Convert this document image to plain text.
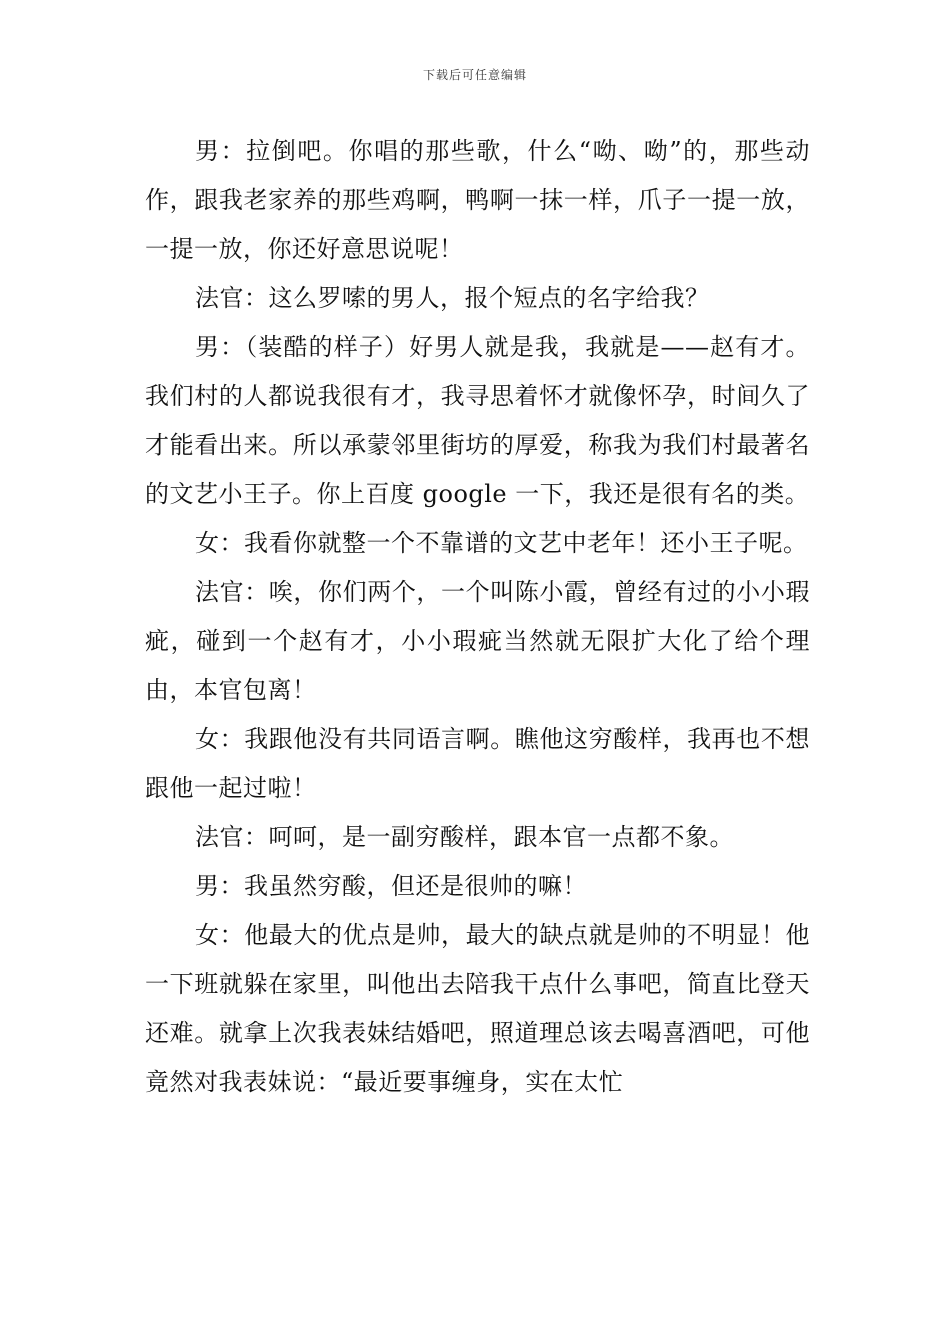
下载后可任意编辑

男：拉倒吧。你唱的那些歌，什么“呦、呦”的，那些动作，跟我老家养的那些鸡啊，鸭啊一抹一样，爪子一提一放，一提一放，你还好意思说呢！

法官：这么罗嗦的男人，报个短点的名字给我？

男：（装酷的样子）好男人就是我，我就是——赵有才。我们村的人都说我很有才，我寻思着怀才就像怀孕，时间久了才能看出来。所以承蒙邻里街坊的厚爱，称我为我们村最著名的文艺小王子。你上百度 google 一下，我还是很有名的类。

女：我看你就整一个不靠谱的文艺中老年！还小王子呢。

法官：唉，你们两个，一个叫陈小霞，曾经有过的小小瑕疵，碰到一个赵有才，小小瑕疵当然就无限扩大化了给个理由，本官包离！

女：我跟他没有共同语言啊。瞧他这穷酸样，我再也不想跟他一起过啦！

法官：呵呵，是一副穷酸样，跟本官一点都不象。

男：我虽然穷酸，但还是很帅的嘛！

女：他最大的优点是帅，最大的缺点就是帅的不明显！他一下班就躲在家里，叫他出去陪我干点什么事吧，简直比登天还难。就拿上次我表妹结婚吧，照道理总该去喝喜酒吧，可他竟然对我表妹说：“最近要事缠身，实在太忙
